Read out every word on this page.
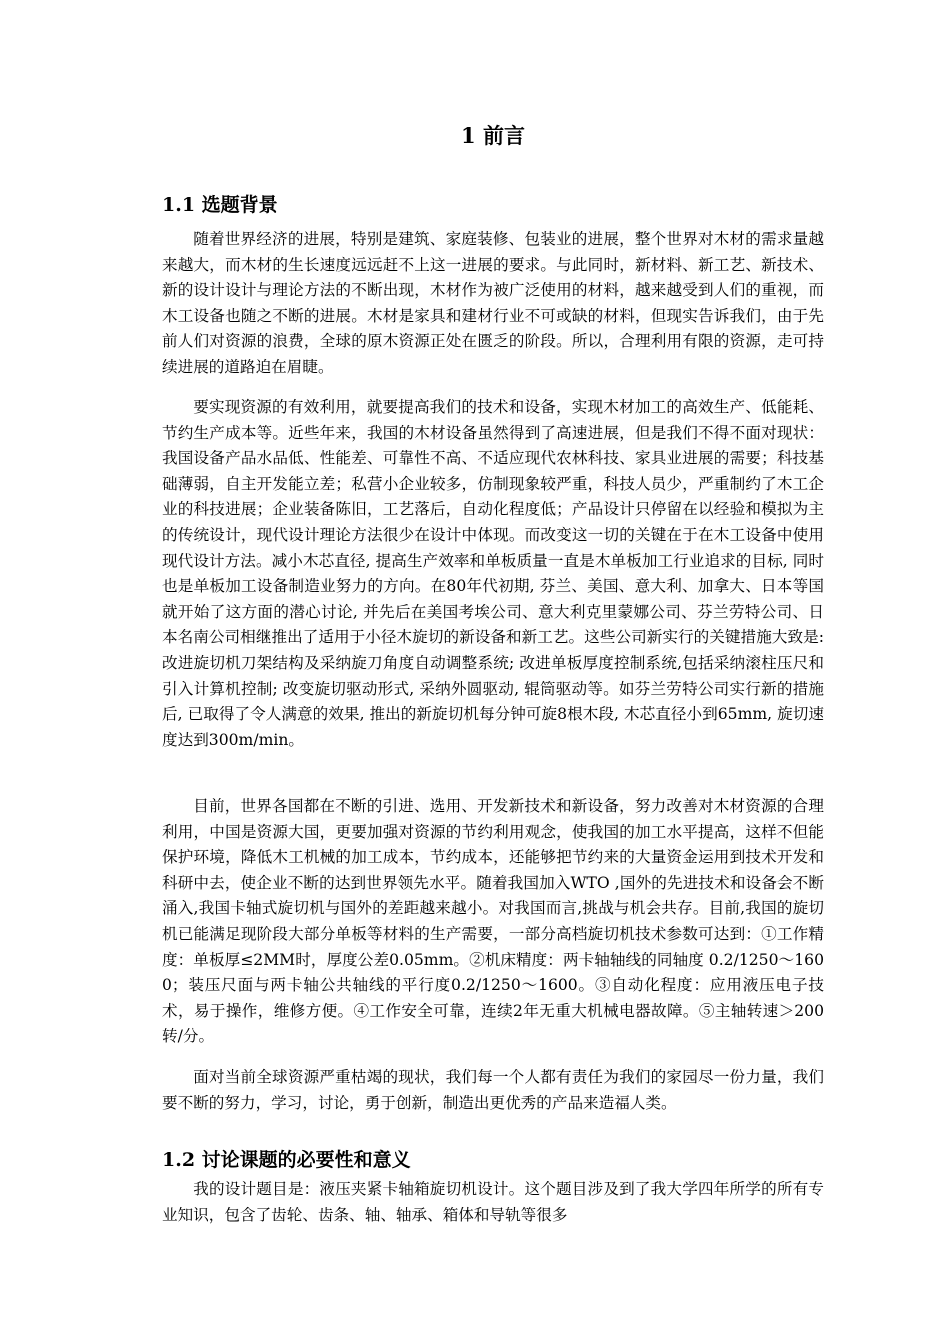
1 前言
1.1 选题背景

随着世界经济的进展，特别是建筑、家庭装修、包装业的进展，整个世界对木材的需求量越来越大，而木材的生长速度远远赶不上这一进展的要求。与此同时，新材料、新工艺、新技术、新的设计设计与理论方法的不断出现，木材作为被广泛使用的材料，越来越受到人们的重视，而木工设备也随之不断的进展。木材是家具和建材行业不可或缺的材料，但现实告诉我们，由于先前人们对资源的浪费，全球的原木资源正处在匮乏的阶段。所以，合理利用有限的资源，走可持续进展的道路迫在眉睫。

要实现资源的有效利用，就要提高我们的技术和设备，实现木材加工的高效生产、低能耗、节约生产成本等。近些年来，我国的木材设备虽然得到了高速进展，但是我们不得不面对现状：我国设备产品水品低、性能差、可靠性不高、不适应现代农林科技、家具业进展的需要；科技基础薄弱，自主开发能立差；私营小企业较多，仿制现象较严重，科技人员少，严重制约了木工企业的科技进展；企业装备陈旧，工艺落后，自动化程度低；产品设计只停留在以经验和模拟为主的传统设计，现代设计理论方法很少在设计中体现。而改变这一切的关键在于在木工设备中使用现代设计方法。减小木芯直径, 提高生产效率和单板质量一直是木单板加工行业追求的目标, 同时也是单板加工设备制造业努力的方向。在80年代初期, 芬兰、美国、意大利、加拿大、日本等国就开始了这方面的潜心讨论, 并先后在美国考埃公司、意大利克里蒙娜公司、芬兰劳特公司、日本名南公司相继推出了适用于小径木旋切的新设备和新工艺。这些公司新实行的关键措施大致是: 改进旋切机刀架结构及采纳旋刀角度自动调整系统; 改进单板厚度控制系统,包括采纳滚柱压尺和引入计算机控制; 改变旋切驱动形式, 采纳外圆驱动, 辊筒驱动等。如芬兰劳特公司实行新的措施后, 已取得了令人满意的效果, 推出的新旋切机每分钟可旋8根木段, 木芯直径小到65mm, 旋切速度达到300m/min。

目前，世界各国都在不断的引进、选用、开发新技术和新设备，努力改善对木材资源的合理利用，中国是资源大国，更要加强对资源的节约利用观念，使我国的加工水平提高，这样不但能保护环境，降低木工机械的加工成本，节约成本，还能够把节约来的大量资金运用到技术开发和科研中去，使企业不断的达到世界领先水平。随着我国加入WTO ,国外的先进技术和设备会不断涌入,我国卡轴式旋切机与国外的差距越来越小。对我国而言,挑战与机会共存。目前,我国的旋切机已能满足现阶段大部分单板等材料的生产需要，一部分高档旋切机技术参数可达到：①工作精度：单板厚≤2MM时，厚度公差0.05mm。②机床精度：两卡轴轴线的同轴度 0.2/1250～1600；装压尺面与两卡轴公共轴线的平行度0.2/1250～1600。③自动化程度：应用液压电子技术，易于操作，维修方便。④工作安全可靠，连续2年无重大机械电器故障。⑤主轴转速＞200转/分。

面对当前全球资源严重枯竭的现状，我们每一个人都有责任为我们的家园尽一份力量，我们要不断的努力，学习，讨论，勇于创新，制造出更优秀的产品来造福人类。

1.2 讨论课题的必要性和意义

我的设计题目是：液压夹紧卡轴箱旋切机设计。这个题目涉及到了我大学四年所学的所有专业知识，包含了齿轮、齿条、轴、轴承、箱体和导轨等很多
